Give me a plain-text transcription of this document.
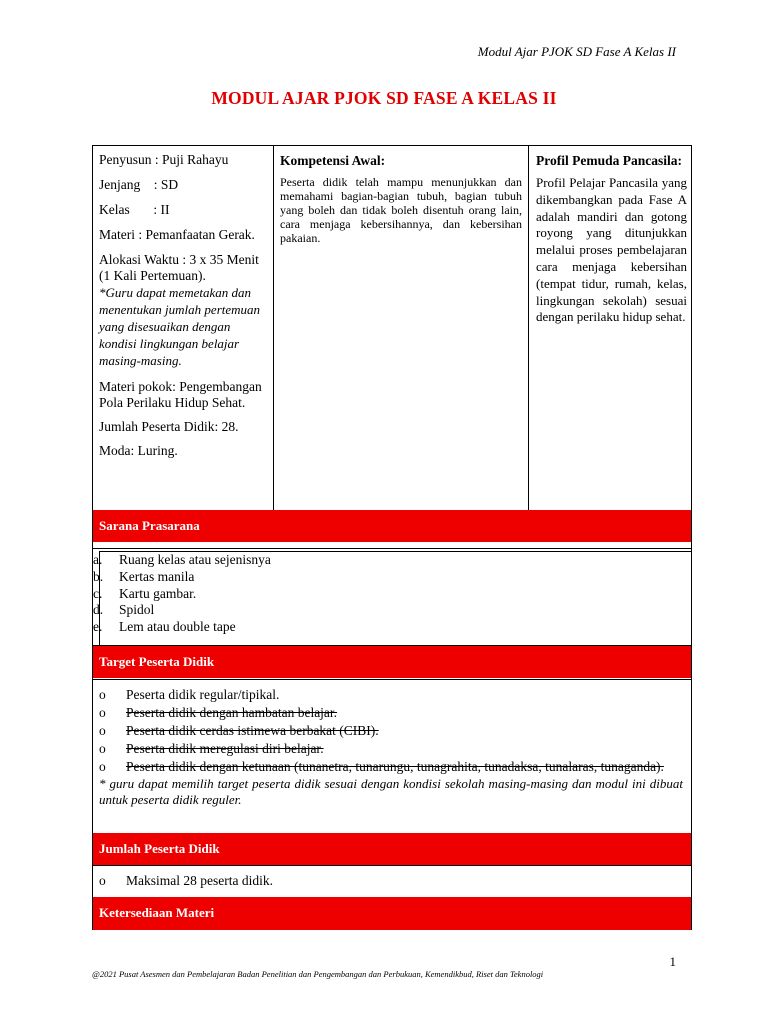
Modul Ajar PJOK SD Fase A Kelas II
MODUL AJAR PJOK SD FASE A KELAS II

Penyusun : Puji Rahayu

Jenjang    : SD

Kelas       : II

Materi : Pemanfaatan Gerak.

Alokasi Waktu : 3 x 35 Menit (1 Kali Pertemuan).

*Guru dapat memetakan dan menentukan jumlah pertemuan yang disesuaikan dengan kondisi lingkungan belajar masing-masing.

Materi pokok: Pengembangan Pola Perilaku Hidup Sehat.

Jumlah Peserta Didik: 28.

Moda: Luring.

Kompetensi Awal:

Peserta didik telah mampu menunjukkan dan memahami bagian-bagian tubuh, bagian tubuh yang boleh dan tidak boleh disentuh orang lain, cara menjaga kebersihannya, dan kebersihan pakaian.

Profil Pemuda Pancasila:

Profil Pelajar Pancasila yang dikembangkan pada Fase A adalah mandiri dan gotong royong yang ditunjukkan melalui proses pembelajaran cara menjaga kebersihan (tempat tidur, rumah, kelas, lingkungan sekolah) sesuai dengan perilaku hidup sehat.

Sarana Prasarana
a. Ruang kelas atau sejenisnya
b. Kertas manila
c. Kartu gambar.
d. Spidol
e. Lem atau double tape
Target Peserta Didik
o Peserta didik regular/tipikal.
o Peserta didik dengan hambatan belajar.
o Peserta didik cerdas istimewa berbakat (CIBI).
o Peserta didik meregulasi diri belajar.
o Peserta didik dengan ketunaan (tunanetra, tunarungu, tunagrahita, tunadaksa, tunalaras, tunaganda).

* guru dapat memilih target peserta didik sesuai dengan kondisi sekolah masing-masing dan modul ini dibuat untuk peserta didik reguler.

Jumlah Peserta Didik
o Maksimal 28 peserta didik.
Ketersediaan Materi
1
@2021 Pusat Asesmen dan Pembelajaran Badan Penelitian dan Pengembangan dan Perbukuan, Kemendikbud, Riset dan Teknologi
